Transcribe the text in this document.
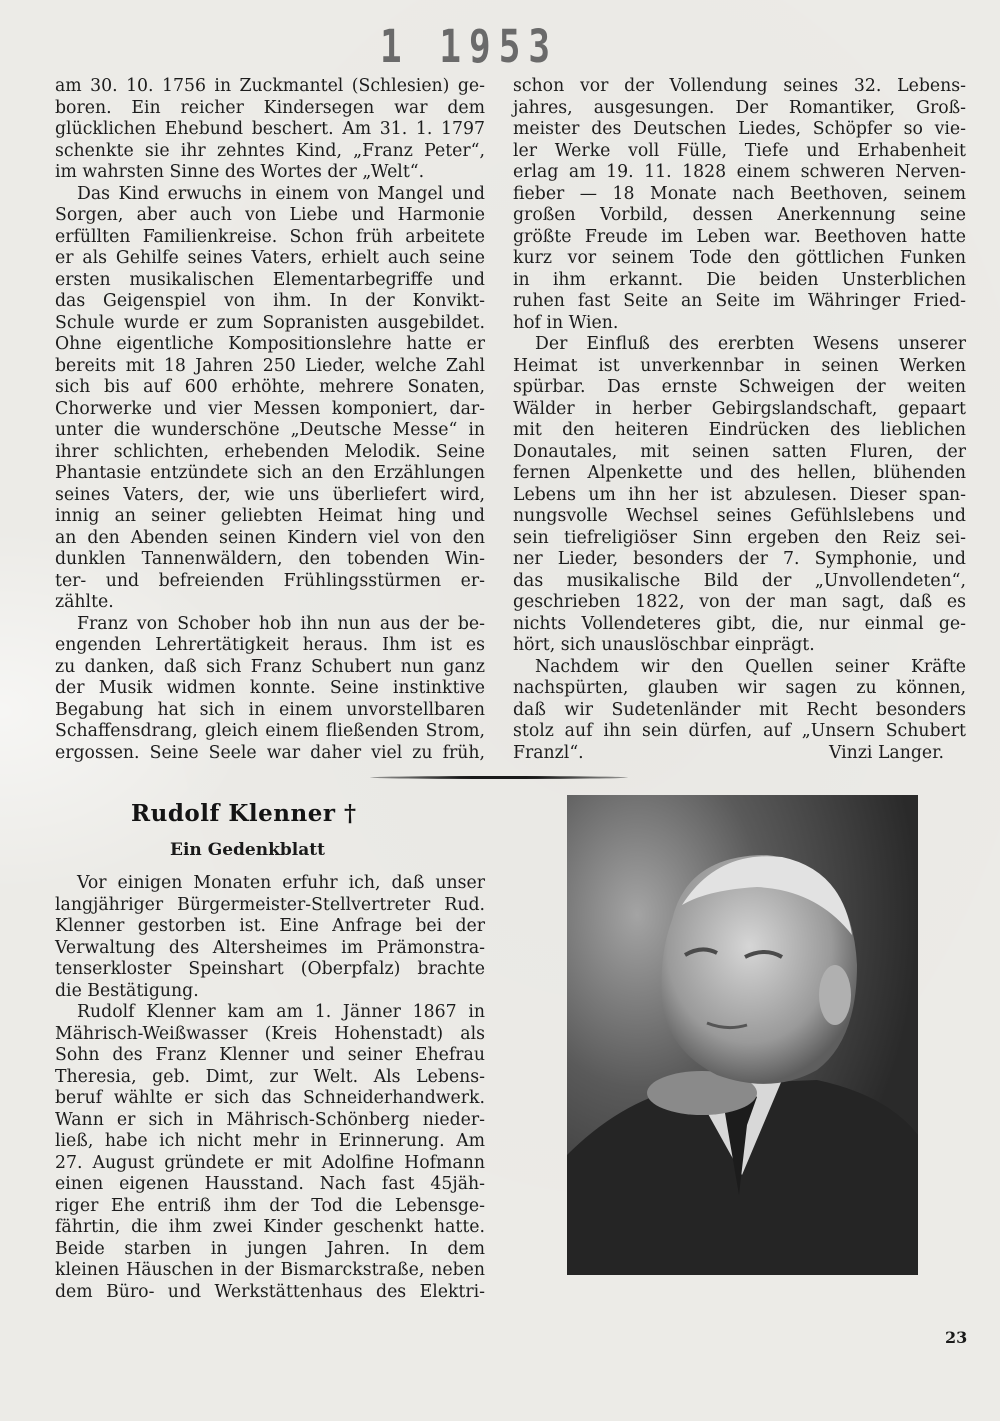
1 1953
am 30. 10. 1756 in Zuckmantel (Schlesien) ge-
boren. Ein reicher Kindersegen war dem
glücklichen Ehebund beschert. Am 31. 1. 1797
schenkte sie ihr zehntes Kind, „Franz Peter“,
im wahrsten Sinne des Wortes der „Welt“.
Das Kind erwuchs in einem von Mangel und
Sorgen, aber auch von Liebe und Harmonie
erfüllten Familienkreise. Schon früh arbeitete
er als Gehilfe seines Vaters, erhielt auch seine
ersten musikalischen Elementarbegriffe und
das Geigenspiel von ihm. In der Konvikt-
Schule wurde er zum Sopranisten ausgebildet.
Ohne eigentliche Kompositionslehre hatte er
bereits mit 18 Jahren 250 Lieder, welche Zahl
sich bis auf 600 erhöhte, mehrere Sonaten,
Chorwerke und vier Messen komponiert, dar-
unter die wunderschöne „Deutsche Messe“ in
ihrer schlichten, erhebenden Melodik. Seine
Phantasie entzündete sich an den Erzählungen
seines Vaters, der, wie uns überliefert wird,
innig an seiner geliebten Heimat hing und
an den Abenden seinen Kindern viel von den
dunklen Tannenwäldern, den tobenden Win-
ter- und befreienden Frühlingsstürmen er-
zählte.
Franz von Schober hob ihn nun aus der be-
engenden Lehrertätigkeit heraus. Ihm ist es
zu danken, daß sich Franz Schubert nun ganz
der Musik widmen konnte. Seine instinktive
Begabung hat sich in einem unvorstellbaren
Schaffensdrang, gleich einem fließenden Strom,
ergossen. Seine Seele war daher viel zu früh,
schon vor der Vollendung seines 32. Lebens-
jahres, ausgesungen. Der Romantiker, Groß-
meister des Deutschen Liedes, Schöpfer so vie-
ler Werke voll Fülle, Tiefe und Erhabenheit
erlag am 19. 11. 1828 einem schweren Nerven-
fieber — 18 Monate nach Beethoven, seinem
großen Vorbild, dessen Anerkennung seine
größte Freude im Leben war. Beethoven hatte
kurz vor seinem Tode den göttlichen Funken
in ihm erkannt. Die beiden Unsterblichen
ruhen fast Seite an Seite im Währinger Fried-
hof in Wien.
Der Einfluß des ererbten Wesens unserer
Heimat ist unverkennbar in seinen Werken
spürbar. Das ernste Schweigen der weiten
Wälder in herber Gebirgslandschaft, gepaart
mit den heiteren Eindrücken des lieblichen
Donautales, mit seinen satten Fluren, der
fernen Alpenkette und des hellen, blühenden
Lebens um ihn her ist abzulesen. Dieser span-
nungsvolle Wechsel seines Gefühlslebens und
sein tiefreligiöser Sinn ergeben den Reiz sei-
ner Lieder, besonders der 7. Symphonie, und
das musikalische Bild der „Unvollendeten“,
geschrieben 1822, von der man sagt, daß es
nichts Vollendeteres gibt, die, nur einmal ge-
hört, sich unauslöschbar einprägt.
Nachdem wir den Quellen seiner Kräfte
nachspürten, glauben wir sagen zu können,
daß wir Sudetenländer mit Recht besonders
stolz auf ihn sein dürfen, auf „Unsern Schubert
Franzl“.	Vinzi Langer.
Rudolf Klenner †
Ein Gedenkblatt
Vor einigen Monaten erfuhr ich, daß unser
langjähriger Bürgermeister-Stellvertreter Rud.
Klenner gestorben ist. Eine Anfrage bei der
Verwaltung des Altersheimes im Prämonstra-
tenserkloster Speinshart (Oberpfalz) brachte
die Bestätigung.
Rudolf Klenner kam am 1. Jänner 1867 in
Mährisch-Weißwasser (Kreis Hohenstadt) als
Sohn des Franz Klenner und seiner Ehefrau
Theresia, geb. Dimt, zur Welt. Als Lebens-
beruf wählte er sich das Schneiderhandwerk.
Wann er sich in Mährisch-Schönberg nieder-
ließ, habe ich nicht mehr in Erinnerung. Am
27. August gründete er mit Adolfine Hofmann
einen eigenen Hausstand. Nach fast 45jäh-
riger Ehe entriß ihm der Tod die Lebensge-
fährtin, die ihm zwei Kinder geschenkt hatte.
Beide starben in jungen Jahren. In dem
kleinen Häuschen in der Bismarckstraße, neben
dem Büro- und Werkstättenhaus des Elektri-
23
